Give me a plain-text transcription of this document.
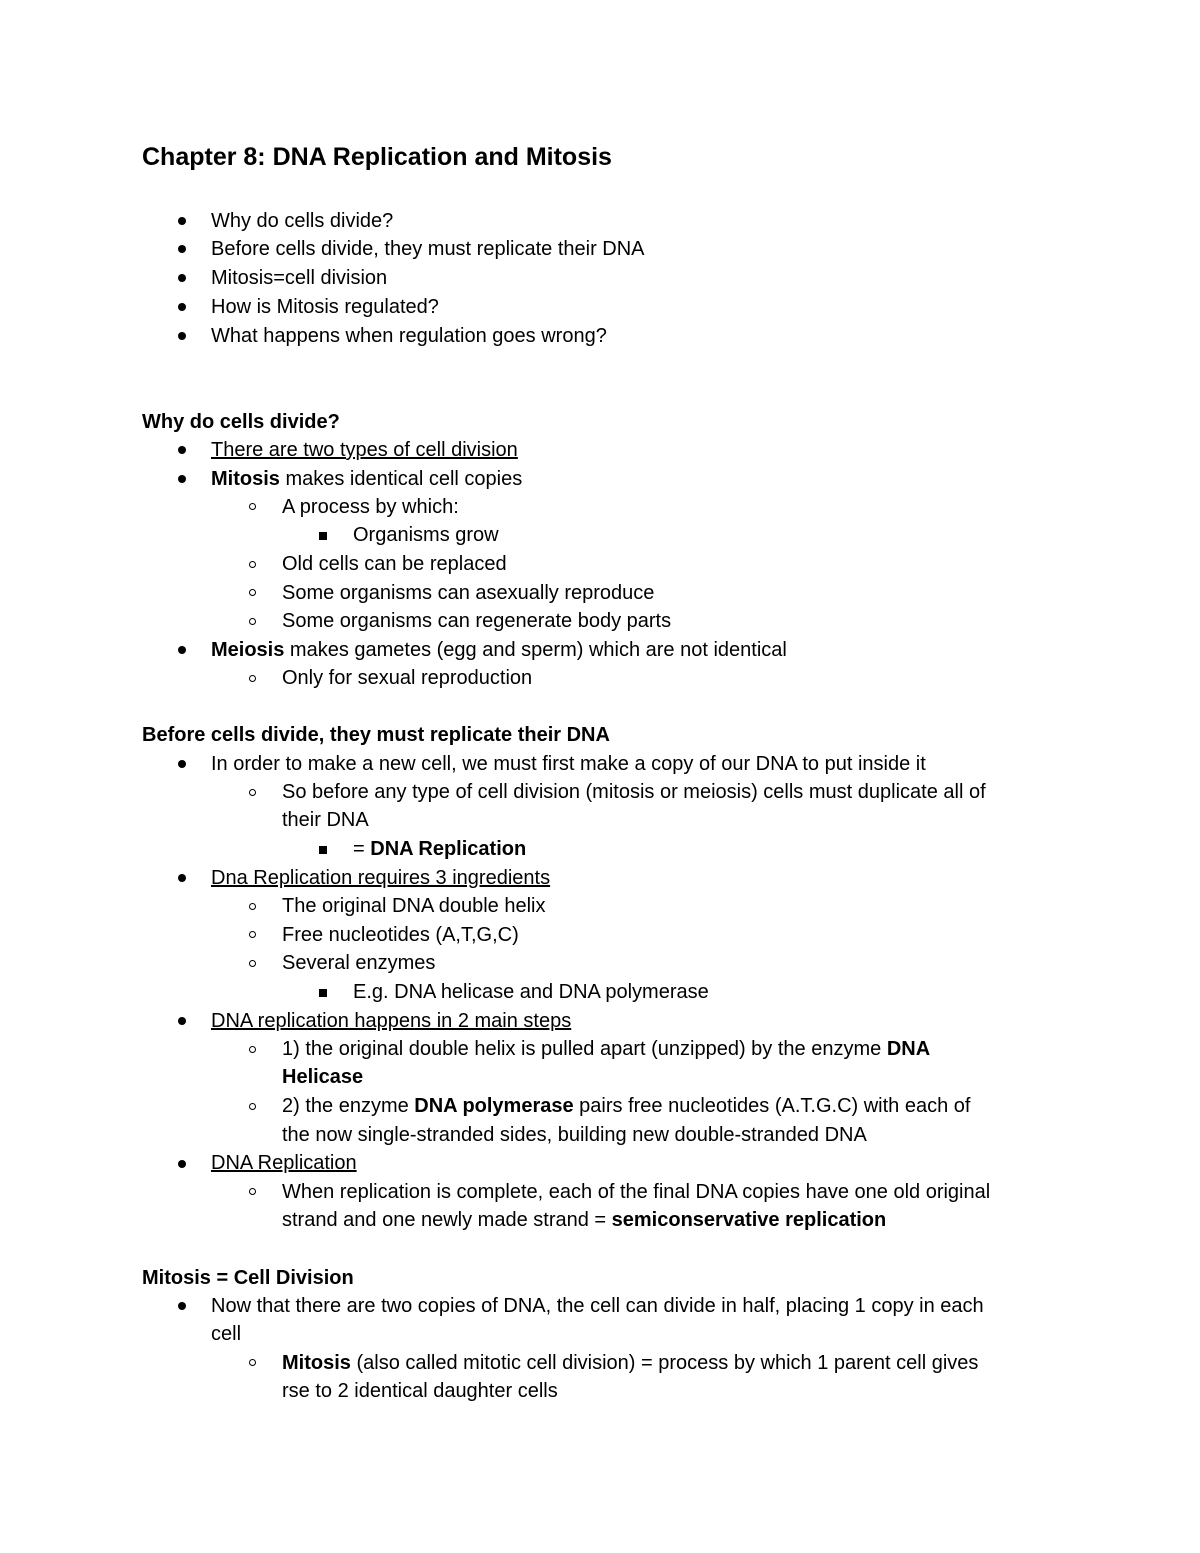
Chapter 8: DNA Replication and Mitosis
Why do cells divide?
Before cells divide, they must replicate their DNA
Mitosis=cell division
How is Mitosis regulated?
What happens when regulation goes wrong?
Why do cells divide?
There are two types of cell division
Mitosis makes identical cell copies
A process by which:
Organisms grow
Old cells can be replaced
Some organisms can asexually reproduce
Some organisms can regenerate body parts
Meiosis makes gametes (egg and sperm) which are not identical
Only for sexual reproduction
Before cells divide, they must replicate their DNA
In order to make a new cell, we must first make a copy of our DNA to put inside it
So before any type of cell division (mitosis or meiosis) cells must duplicate all of
their DNA
= DNA Replication
Dna Replication requires 3 ingredients
The original DNA double helix
Free nucleotides (A,T,G,C)
Several enzymes
E.g. DNA helicase and DNA polymerase
DNA replication happens in 2 main steps
1) the original double helix is pulled apart (unzipped) by the enzyme DNA
Helicase
2) the enzyme DNA polymerase pairs free nucleotides (A.T.G.C) with each of
the now single-stranded sides, building new double-stranded DNA
DNA Replication
When replication is complete, each of the final DNA copies have one old original
strand and one newly made strand = semiconservative replication
Mitosis = Cell Division
Now that there are two copies of DNA, the cell can divide in half, placing 1 copy in each
cell
Mitosis (also called mitotic cell division) = process by which 1 parent cell gives
rse to 2 identical daughter cells
